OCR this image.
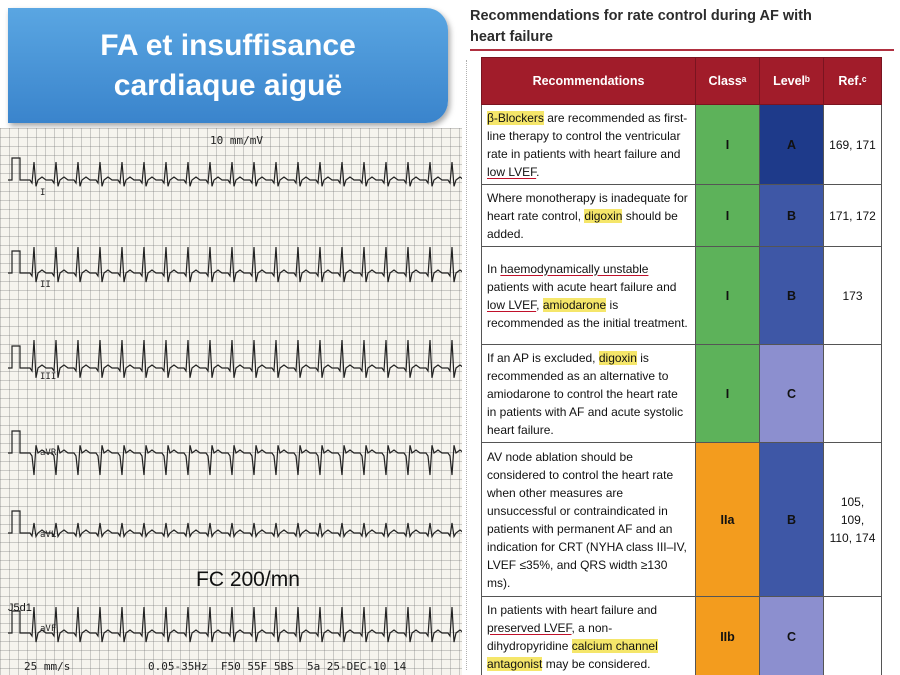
FA et insuffisance
cardiaque aiguë
10 mm/mV
I
II
III
aVR
aVL
aVF
FC 200/mn
J5d1
25 mm/s	0.05-35Hz  F50 55F 5BS  5a 25-DEC-10 14
Recommendations for rate control during AF with
heart failure
Recommendations	Classᵃ	Levelᵇ	Ref.ᶜ
β-Blockers are recommended as first-line therapy to control the ventricular rate in patients with heart failure and low LVEF.	I	A	169, 171
Where monotherapy is inadequate for heart rate control, digoxin should be added.	I	B	171, 172
In haemodynamically unstable patients with acute heart failure and low LVEF, amiodarone is recommended as the initial treatment.	I	B	173
If an AP is excluded, digoxin is recommended as an alternative to amiodarone to control the heart rate in patients with AF and acute systolic heart failure.	I	C	
AV node ablation should be considered to control the heart rate when other measures are unsuccessful or contraindicated in patients with permanent AF and an indication for CRT (NYHA class III–IV, LVEF ≤35%, and QRS width ≥130 ms).	IIa	B	105, 109, 110, 174
In patients with heart failure and preserved LVEF, a non-dihydropyridine calcium channel antagonist may be considered.	IIb	C	
